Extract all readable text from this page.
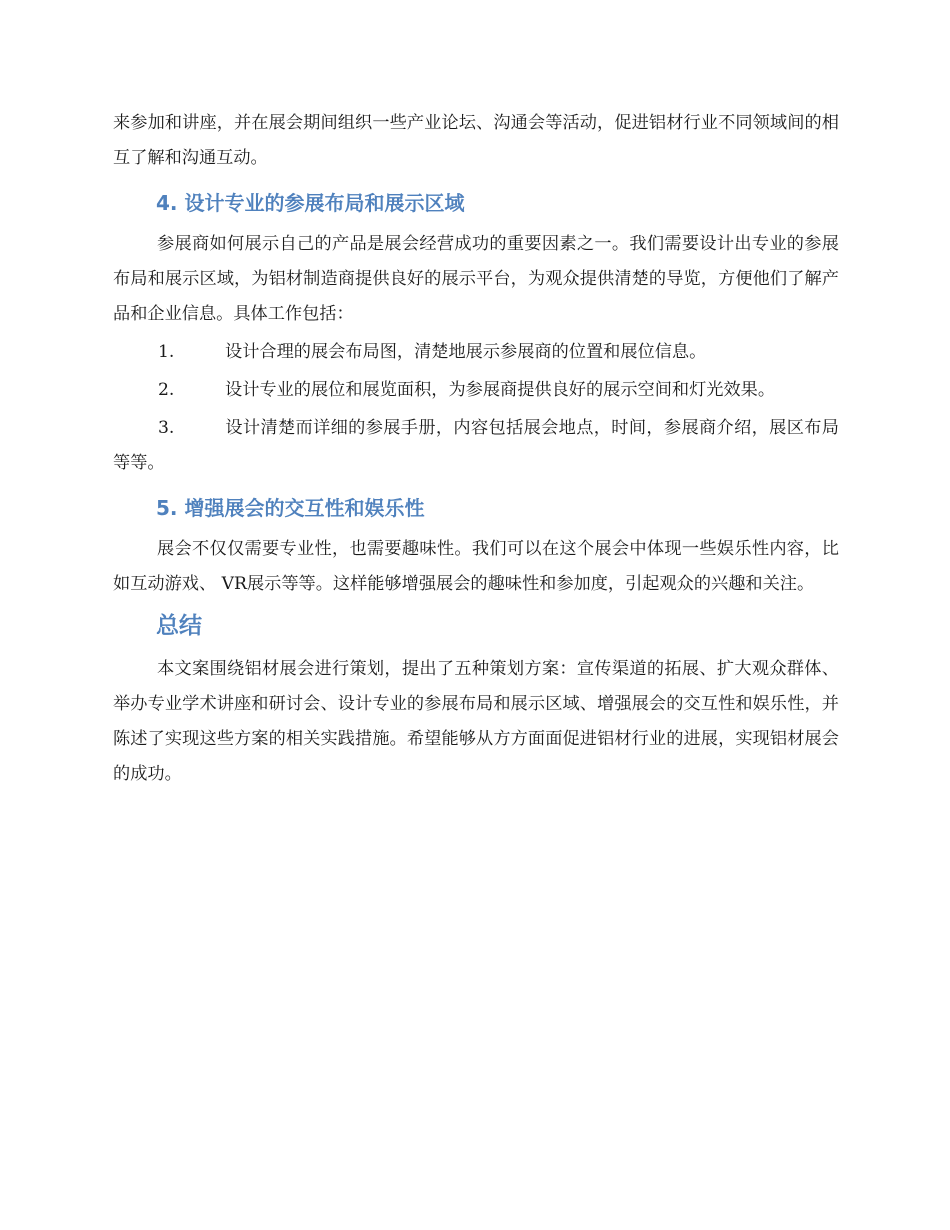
来参加和讲座，并在展会期间组织一些产业论坛、沟通会等活动，促进铝材行业不同领域间的相互了解和沟通互动。

4. 设计专业的参展布局和展示区域

参展商如何展示自己的产品是展会经营成功的重要因素之一。我们需要设计出专业的参展布局和展示区域，为铝材制造商提供良好的展示平台，为观众提供清楚的导览，方便他们了解产品和企业信息。具体工作包括：

1.	设计合理的展会布局图，清楚地展示参展商的位置和展位信息。

2.	设计专业的展位和展览面积，为参展商提供良好的展示空间和灯光效果。

3.	设计清楚而详细的参展手册，内容包括展会地点，时间，参展商介绍，展区布局等等。

5. 增强展会的交互性和娱乐性

展会不仅仅需要专业性，也需要趣味性。我们可以在这个展会中体现一些娱乐性内容，比如互动游戏、 VR展示等等。这样能够增强展会的趣味性和参加度，引起观众的兴趣和关注。

总结

本文案围绕铝材展会进行策划，提出了五种策划方案：宣传渠道的拓展、扩大观众群体、举办专业学术讲座和研讨会、设计专业的参展布局和展示区域、增强展会的交互性和娱乐性，并陈述了实现这些方案的相关实践措施。希望能够从方方面面促进铝材行业的进展，实现铝材展会的成功。
